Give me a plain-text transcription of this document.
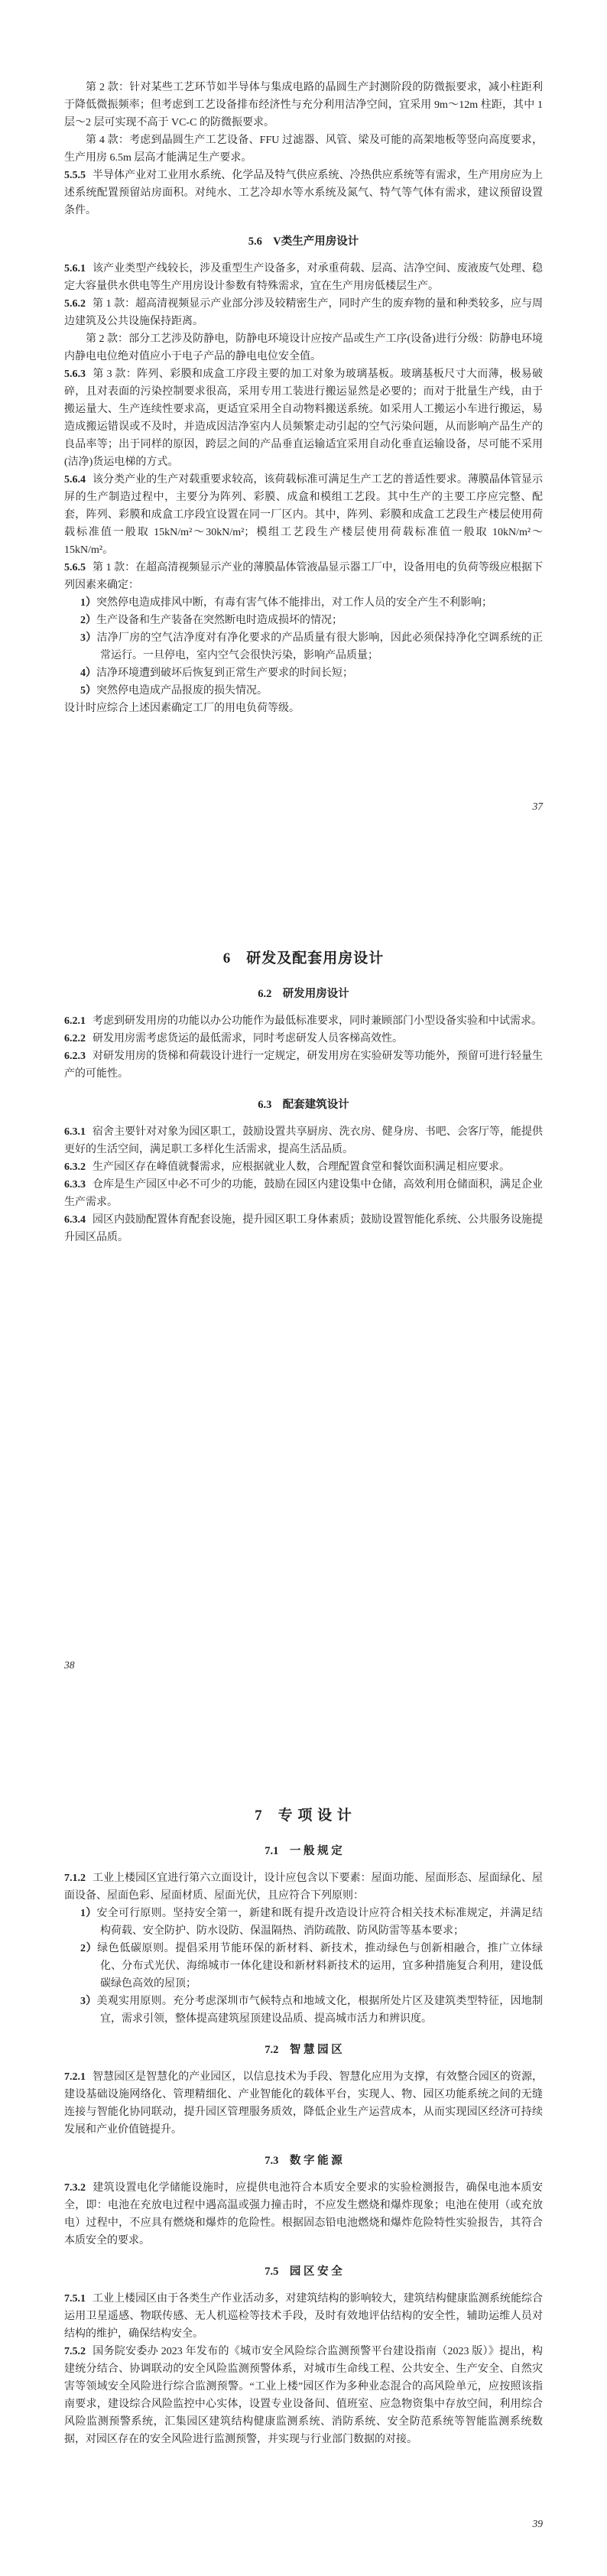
第 2 款：针对某些工艺环节如半导体与集成电路的晶圆生产封测阶段的防微振要求，减小柱距利于降低微振频率；但考虑到工艺设备排布经济性与充分利用洁净空间，宜采用 9m～12m 柱距，其中 1 层～2 层可实现不高于 VC-C 的防微振要求。

第 4 款：考虑到晶圆生产工艺设备、FFU 过滤器、风管、梁及可能的高架地板等竖向高度要求，生产用房 6.5m 层高才能满足生产要求。

5.5.5 半导体产业对工业用水系统、化学品及特气供应系统、冷热供应系统等有需求，生产用房应为上述系统配置预留站房面积。对纯水、工艺冷却水等水系统及氮气、特气等气体有需求，建议预留设置条件。

5.6　V类生产用房设计

5.6.1 该产业类型产线较长，涉及重型生产设备多，对承重荷载、层高、洁净空间、废液废气处理、稳定大容量供水供电等生产用房设计参数有特殊需求，宜在生产用房低楼层生产。

5.6.2 第 1 款：超高清视频显示产业部分涉及较精密生产，同时产生的废弃物的量和种类较多，应与周边建筑及公共设施保持距离。

第 2 款：部分工艺涉及防静电，防静电环境设计应按产品或生产工序(设备)进行分级：防静电环境内静电电位绝对值应小于电子产品的静电电位安全值。

5.6.3 第 3 款：阵列、彩膜和成盒工序段主要的加工对象为玻璃基板。玻璃基板尺寸大而薄，极易破碎，且对表面的污染控制要求很高，采用专用工装进行搬运显然是必要的；而对于批量生产线，由于搬运量大、生产连续性要求高，更适宜采用全自动物料搬送系统。如采用人工搬运小车进行搬运，易造成搬运错误或不及时，并造成因洁净室内人员频繁走动引起的空气污染问题，从而影响产品生产的良品率等；出于同样的原因，跨层之间的产品垂直运输适宜采用自动化垂直运输设备，尽可能不采用(洁净)货运电梯的方式。

5.6.4 该分类产业的生产对载重要求较高，该荷载标准可满足生产工艺的普适性要求。薄膜晶体管显示屏的生产制造过程中，主要分为阵列、彩膜、成盒和模组工艺段。其中生产的主要工序应完整、配套，阵列、彩膜和成盒工序段宜设置在同一厂区内。其中，阵列、彩膜和成盒工艺段生产楼层使用荷载标准值一般取 15kN/m²～30kN/m²；模组工艺段生产楼层使用荷载标准值一般取 10kN/m²～15kN/m²。

5.6.5 第 1 款：在超高清视频显示产业的薄膜晶体管液晶显示器工厂中，设备用电的负荷等级应根据下列因素来确定：

1）突然停电造成排风中断，有毒有害气体不能排出，对工作人员的安全产生不利影响；

2）生产设备和生产装备在突然断电时造成损坏的情况；

3）洁净厂房的空气洁净度对有净化要求的产品质量有很大影响，因此必须保持净化空调系统的正常运行。一旦停电，室内空气会很快污染，影响产品质量；

4）洁净环境遭到破坏后恢复到正常生产要求的时间长短；

5）突然停电造成产品报废的损失情况。

设计时应综合上述因素确定工厂的用电负荷等级。

37

6　研发及配套用房设计

6.2　研发用房设计

6.2.1 考虑到研发用房的功能以办公功能作为最低标准要求，同时兼顾部门小型设备实验和中试需求。

6.2.2 研发用房需考虑货运的最低需求，同时考虑研发人员客梯高效性。

6.2.3 对研发用房的货梯和荷载设计进行一定规定，研发用房在实验研发等功能外，预留可进行轻量生产的可能性。

6.3　配套建筑设计

6.3.1 宿舍主要针对对象为园区职工，鼓励设置共享厨房、洗衣房、健身房、书吧、会客厅等，能提供更好的生活空间，满足职工多样化生活需求，提高生活品质。

6.3.2 生产园区存在峰值就餐需求，应根据就业人数，合理配置食堂和餐饮面积满足相应要求。

6.3.3 仓库是生产园区中必不可少的功能，鼓励在园区内建设集中仓储，高效利用仓储面积，满足企业生产需求。

6.3.4 园区内鼓励配置体育配套设施，提升园区职工身体素质；鼓励设置智能化系统、公共服务设施提升园区品质。

38

7　专 项 设 计

7.1　一 般 规 定

7.1.2 工业上楼园区宜进行第六立面设计，设计应包含以下要素：屋面功能、屋面形态、屋面绿化、屋面设备、屋面色彩、屋面材质、屋面光伏，且应符合下列原则：

1）安全可行原则。坚持安全第一，新建和既有提升改造设计应符合相关技术标准规定，并满足结构荷载、安全防护、防水设防、保温隔热、消防疏散、防风防雷等基本要求；

2）绿色低碳原则。提倡采用节能环保的新材料、新技术，推动绿色与创新相融合，推广立体绿化、分布式光伏、海绵城市一体化建设和新材料新技术的运用，宜多种措施复合利用，建设低碳绿色高效的屋顶；

3）美观实用原则。充分考虑深圳市气候特点和地域文化，根据所处片区及建筑类型特征，因地制宜，需求引领，整体提高建筑屋顶建设品质、提高城市活力和辨识度。

7.2　智 慧 园 区

7.2.1 智慧园区是智慧化的产业园区，以信息技术为手段、智慧化应用为支撑，有效整合园区的资源，建设基础设施网络化、管理精细化、产业智能化的载体平台，实现人、物、园区功能系统之间的无缝连接与智能化协同联动，提升园区管理服务质效，降低企业生产运营成本，从而实现园区经济可持续发展和产业价值链提升。

7.3　数 字 能 源

7.3.2 建筑设置电化学储能设施时，应提供电池符合本质安全要求的实验检测报告，确保电池本质安全，即：电池在充放电过程中遇高温或强力撞击时，不应发生燃烧和爆炸现象；电池在使用（或充放电）过程中，不应具有燃烧和爆炸的危险性。根据固态铅电池燃烧和爆炸危险特性实验报告，其符合本质安全的要求。

7.5　园 区 安 全

7.5.1 工业上楼园区由于各类生产作业活动多，对建筑结构的影响较大，建筑结构健康监测系统能综合运用卫星遥感、物联传感、无人机巡检等技术手段，及时有效地评估结构的安全性，辅助运维人员对结构的维护，确保结构安全。

7.5.2 国务院安委办 2023 年发布的《城市安全风险综合监测预警平台建设指南（2023 版）》提出，构建统分结合、协调联动的安全风险监测预警体系，对城市生命线工程、公共安全、生产安全、自然灾害等领域安全风险进行综合监测预警。“工业上楼”园区作为多种业态混合的高风险单元，应按照该指南要求，建设综合风险监控中心实体，设置专业设备间、值班室、应急物资集中存放空间，利用综合风险监测预警系统，汇集园区建筑结构健康监测系统、消防系统、安全防范系统等智能监测系统数据，对园区存在的安全风险进行监测预警，并实现与行业部门数据的对接。

39
